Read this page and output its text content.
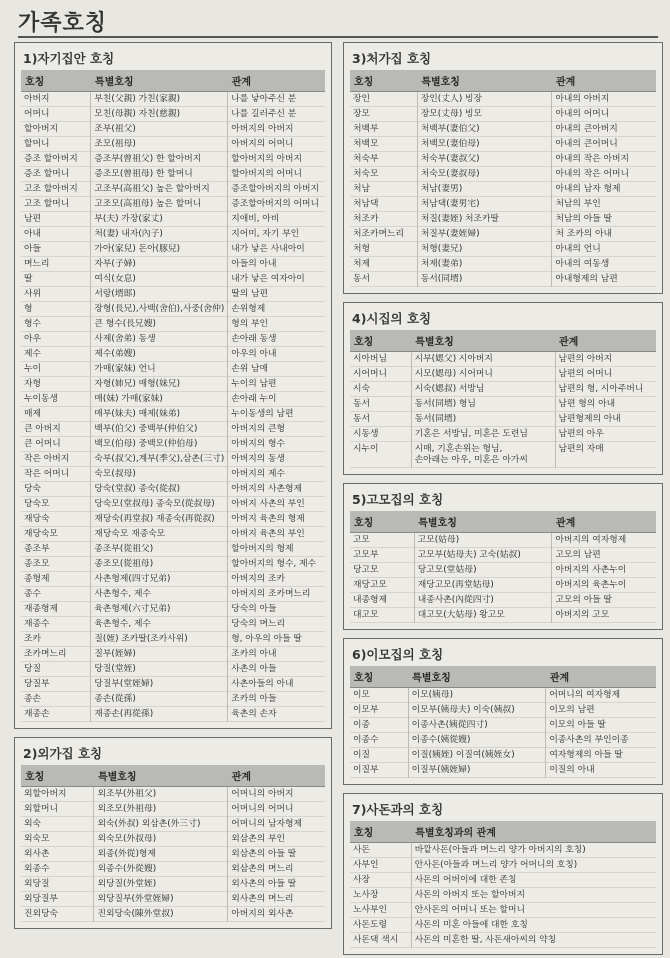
가족호칭
1)자기집안 호칭
호칭	특별호칭	관계
아버지	부친(父親) 가친(家親)	나를 낳아주신 분
어머니	모친(母親) 자친(慈親)	나를 길러주신 분
할아버지	조부(祖父)	아버지의 아버지
할머니	조모(祖母)	아버지의 어머니
증조 할아버지	증조부(曾祖父) 한 할아버지	할아버지의 아버지
증조 할머니	증조모(曾祖母) 한 할머니	할아버지의 어머니
고조 할아버지	고조부(高祖父) 높은 할아버지	증조할아버지의 아버지
고조 할머니	고조모(高祖母) 높은 할머니	증조할아버지의 어머니
남편	부(夫) 가장(家丈)	지애비, 아비
아내	처(妻) 내자(內子)	지어미, 자기 부인
아들	가아(家兒) 돈아(豚兒)	내가 낳은 사내아이
며느리	자부(子婦)	아들의 아내
딸	여식(女息)	내가 낳은 여자아이
사위	서랑(壻郞)	딸의 남편
형	장형(長兄),사백(舍伯),사중(舍仲)	손위형제
형수	큰 형수(長兄嫂)	형의 부인
아우	사제(舍弟) 동생	손아래 동생
제수	제수(弟嫂)	아우의 아내
누이	가매(家妹) 언니	손위 남매
자형	자형(姉兄) 매형(妹兄)	누이의 남편
누이동생	매(妹) 가매(家妹)	손아래 누이
매제	매부(妹夫) 매제(妹弟)	누이동생의 남편
큰 아버지	백부(伯父) 중백부(仲伯父)	아버지의 큰형
큰 어머니	백모(伯母) 중백모(仲伯母)	아버지의 형수
작은 아버지	숙부(叔父),계부(季父),삼촌(三寸)	아버지의 동생
작은 어머니	숙모(叔母)	아버지의 제수
당숙	당숙(堂叔) 종숙(從叔)	아버지의 사촌형제
당숙모	당숙모(堂叔母) 종숙모(從叔母)	아버지 사촌의 부인
재당숙	재당숙(再堂叔) 재종숙(再從叔)	아버지 육촌의 형제
재당숙모	재당숙모 재종숙모	아버지 육촌의 부인
종조부	종조부(從祖父)	할아버지의 형제
종조모	종조모(從祖母)	할아버지의 형수, 제수
종형제	사촌형제(四寸兄弟)	아버지의 조카
종수	사촌형수, 제수	아버지의 조카며느리
재종형제	육촌형제(六寸兄弟)	당숙의 아들
재종수	육촌형수, 제수	당숙의 며느리
조카	질(姪) 조카딸(조카사위)	형, 아우의 아들 딸
조카며느리	질부(姪婦)	조카의 아내
당질	당질(堂姪)	사촌의 아들
당질부	당질부(堂姪婦)	사촌아들의 아내
종손	종손(從孫)	조카의 아들
재종손	재종손(再從孫)	육촌의 손자
2)외가집 호칭
호칭	특별호칭	관계
외할아버지	외조부(外祖父)	어머니의 아버지
외할머니	외조모(外祖母)	어머니의 어머니
외숙	외숙(外叔) 외삼촌(外三寸)	어머니의 남자형제
외숙모	외숙모(外叔母)	외삼촌의 부인
외사촌	외종(外從)형제	외삼촌의 아들 딸
외종수	외종수(外從嫂)	외삼촌의 며느리
외당질	외당질(外堂姪)	외사촌의 아들 딸
외당질부	외당질부(外堂姪婦)	외사촌의 며느리
진외당숙	진외당숙(陳外堂叔)	아버지의 외사촌
3)처가집 호칭
호칭	특별호칭	관계
장인	장인(丈人) 빙장	아내의 아버지
장모	장모(丈母) 빙모	아내의 어머니
처백부	처백부(妻伯父)	아내의 큰아버지
처백모	처백모(妻伯母)	아내의 큰어머니
처숙부	처숙부(妻叔父)	아내의 작은 아버지
처숙모	처숙모(妻叔母)	아내의 작은 어머니
처남	처남(妻男)	아내의 남자 형제
처남댁	처남댁(妻男宅)	처남의 부인
처조카	처질(妻姪) 처조카딸	처남의 아들 딸
처조카며느리	처질부(妻姪婦)	처 조카의 아내
처형	처형(妻兄)	아내의 언니
처제	처제(妻弟)	아내의 여동생
동서	동서(同壻)	아내형제의 남편
4)시집의 호칭
호칭	특별호칭	관계
시아버님	시부(媤父) 시아버지	남편의 아버지
시어머니	시모(媤母) 시어머니	남편의 어머니
시숙	시숙(媤叔) 서방님	남편의 형, 시아주버니
동서	동서(同壻) 형님	남편 형의 아내
동서	동서(同壻)	남편형제의 아내
시동생	기혼은 서방님, 미혼은 도련님	남편의 아우
시누이	시매, 기혼손위는 형님,
손아래는 아우, 미혼은 아가씨	남편의 자매
5)고모집의 호칭
호칭	특별호칭	관계
고모	고모(姑母)	아버지의 여자형제
고모부	고모부(姑母夫) 고숙(姑叔)	고모의 남편
당고모	당고모(堂姑母)	아버지의 사촌누이
재당고모	재당고모(再堂姑母)	아버지의 육촌누이
내종형제	내종사촌(內從四寸)	고모의 아들 딸
대고모	대고모(大姑母) 왕고모	아버지의 고모
6)이모집의 호칭
호칭	특별호칭	관계
이모	이모(姨母)	어머니의 여자형제
이모부	이모부(姨母夫) 이숙(姨叔)	이모의 남편
이종	이종사촌(姨從四寸)	이모의 아들 딸
이종수	이종수(姨從嫂)	이종사촌의 부인이종
이질	이질(姨姪) 이질여(姨姪女)	여자형제의 아들 딸
이질부	이질부(姨姪婦)	이질의 아내
7)사돈과의 호칭
호칭	특별호칭과의 관계
사돈	바깥사돈(아들과 며느리 양가 아버지의 호칭)
사부인	안사돈(아들과 며느리 양가 어머니의 호칭)
사장	사돈의 어버이에 대한 존칭
노사장	사돈의 아버지 또는 할아버지
노사부인	안사돈의 어머니 또는 할머니
사돈도령	사돈의 미혼 아들에 대한 호칭
사돈댁 색시	사돈의 미혼한 딸, 사돈새아씨의 약칭
